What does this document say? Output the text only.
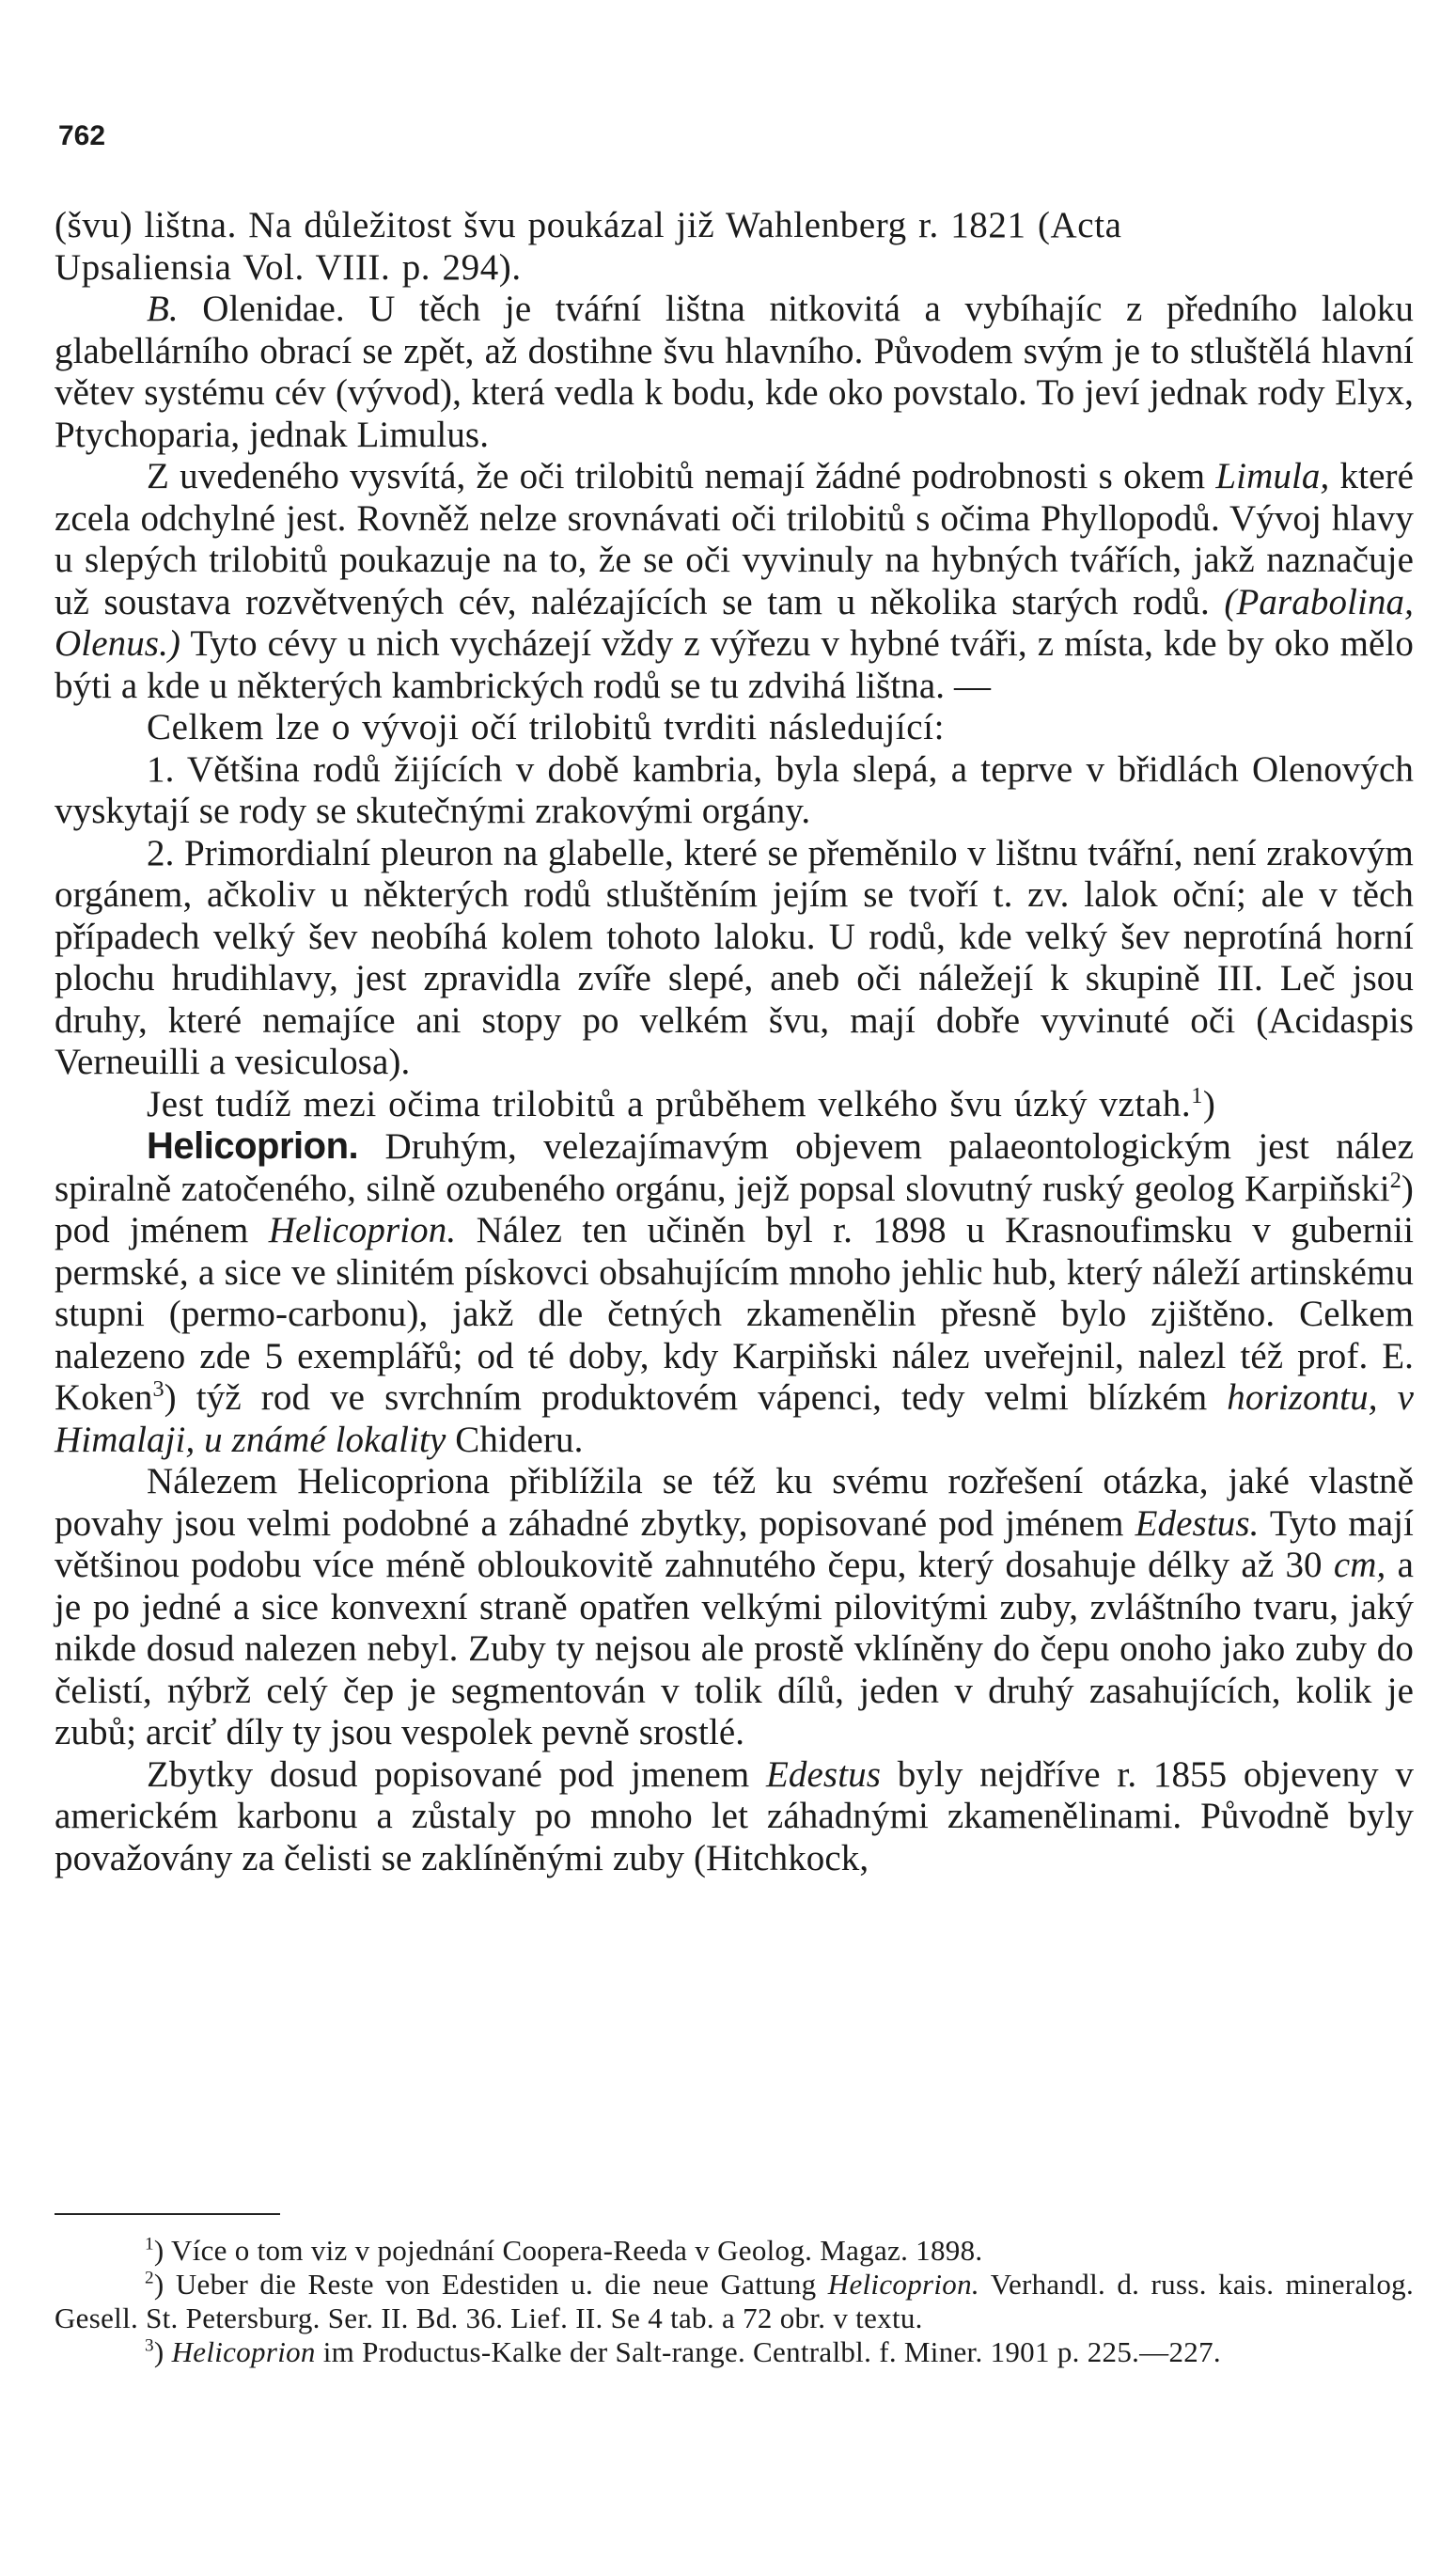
762

(švu) lištna. Na důležitost švu poukázal již Wahlenberg r. 1821 (Acta
Upsaliensia Vol. VIII. p. 294).

B. Olenidae. U těch je tváŕní lištna nitkovitá a vybíhajíc z předního laloku glabellárního obrací se zpět, až dostihne švu hlavního. Původem svým je to stluštělá hlavní větev systému cév (vývod), která vedla k bodu, kde oko povstalo. To jeví jednak rody Elyx, Ptychoparia, jednak Limulus.

Z uvedeného vysvítá, že oči trilobitů nemají žádné podrobnosti s okem Limula, které zcela odchylné jest. Rovněž nelze srovnávati oči trilobitů s očima Phyllopodů. Vývoj hlavy u slepých trilobitů poukazuje na to, že se oči vyvinuly na hybných tvářích, jakž naznačuje už soustava rozvětvených cév, nalézajících se tam u několika starých rodů. (Parabolina, Olenus.) Tyto cévy u nich vycházejí vždy z výřezu v hybné tváři, z místa, kde by oko mělo býti a kde u některých kambrických rodů se tu zdvihá lištna. —

Celkem lze o vývoji očí trilobitů tvrditi následující:

1. Většina rodů žijících v době kambria, byla slepá, a teprve v břidlách Olenových vyskytají se rody se skutečnými zrakovými orgány.

2. Primordialní pleuron na glabelle, které se přeměnilo v lištnu tvářní, není zrakovým orgánem, ačkoliv u některých rodů stluštěním jejím se tvoří t. zv. lalok oční; ale v těch případech velký šev neobíhá kolem tohoto laloku. U rodů, kde velký šev neprotíná horní plochu hrudihlavy, jest zpravidla zvíře slepé, aneb oči náležejí k skupině III. Leč jsou druhy, které nemajíce ani stopy po velkém švu, mají dobře vyvinuté oči (Acidaspis Verneuilli a vesiculosa).

Jest tudíž mezi očima trilobitů a průběhem velkého švu úzký vztah.$^1$)

Helicoprion. Druhým, velezajímavým objevem palaeontologickým jest nález spiralně zatočeného, silně ozubeného orgánu, jejž popsal slovutný ruský geolog Karpiňski$^2$) pod jménem Helicoprion. Nález ten učiněn byl r. 1898 u Krasnoufimsku v gubernii permské, a sice ve slinitém pískovci obsahujícím mnoho jehlic hub, který náleží artinskému stupni (permo-carbonu), jakž dle četných zkamenělin přesně bylo zjištěno. Celkem nalezeno zde 5 exemplářů; od té doby, kdy Karpiňski nález uveřejnil, nalezl též prof. E. Koken$^3$) týž rod ve svrchním produktovém vápenci, tedy velmi blízkém horizontu, v Himalaji, u známé lokality Chideru.

Nálezem Helicopriona přiblížila se též ku svému rozřešení otázka, jaké vlastně povahy jsou velmi podobné a záhadné zbytky, popisované pod jménem Edestus. Tyto mají většinou podobu více méně obloukovitě zahnutého čepu, který dosahuje délky až 30 cm, a je po jedné a sice konvexní straně opatřen velkými pilovitými zuby, zvláštního tvaru, jaký nikde dosud nalezen nebyl. Zuby ty nejsou ale prostě vklíněny do čepu onoho jako zuby do čelistí, nýbrž celý čep je segmentován v tolik dílů, jeden v druhý zasahujících, kolik je zubů; arciť díly ty jsou vespolek pevně srostlé.

Zbytky dosud popisované pod jmenem Edestus byly nejdříve r. 1855 objeveny v americkém karbonu a zůstaly po mnoho let záhadnými zkamenělinami. Původně byly považovány za čelisti se zaklíněnými zuby (Hitchkock,

$^1$) Více o tom viz v pojednání Coopera-Reeda v Geolog. Magaz. 1898.

$^2$) Ueber die Reste von Edestiden u. die neue Gattung Helicoprion. Verhandl. d. russ. kais. mineralog. Gesell. St. Petersburg. Ser. II. Bd. 36. Lief. II. Se 4 tab. a 72 obr. v textu.

$^3$) Helicoprion im Productus-Kalke der Salt-range. Centralbl. f. Miner. 1901 p. 225.—227.
